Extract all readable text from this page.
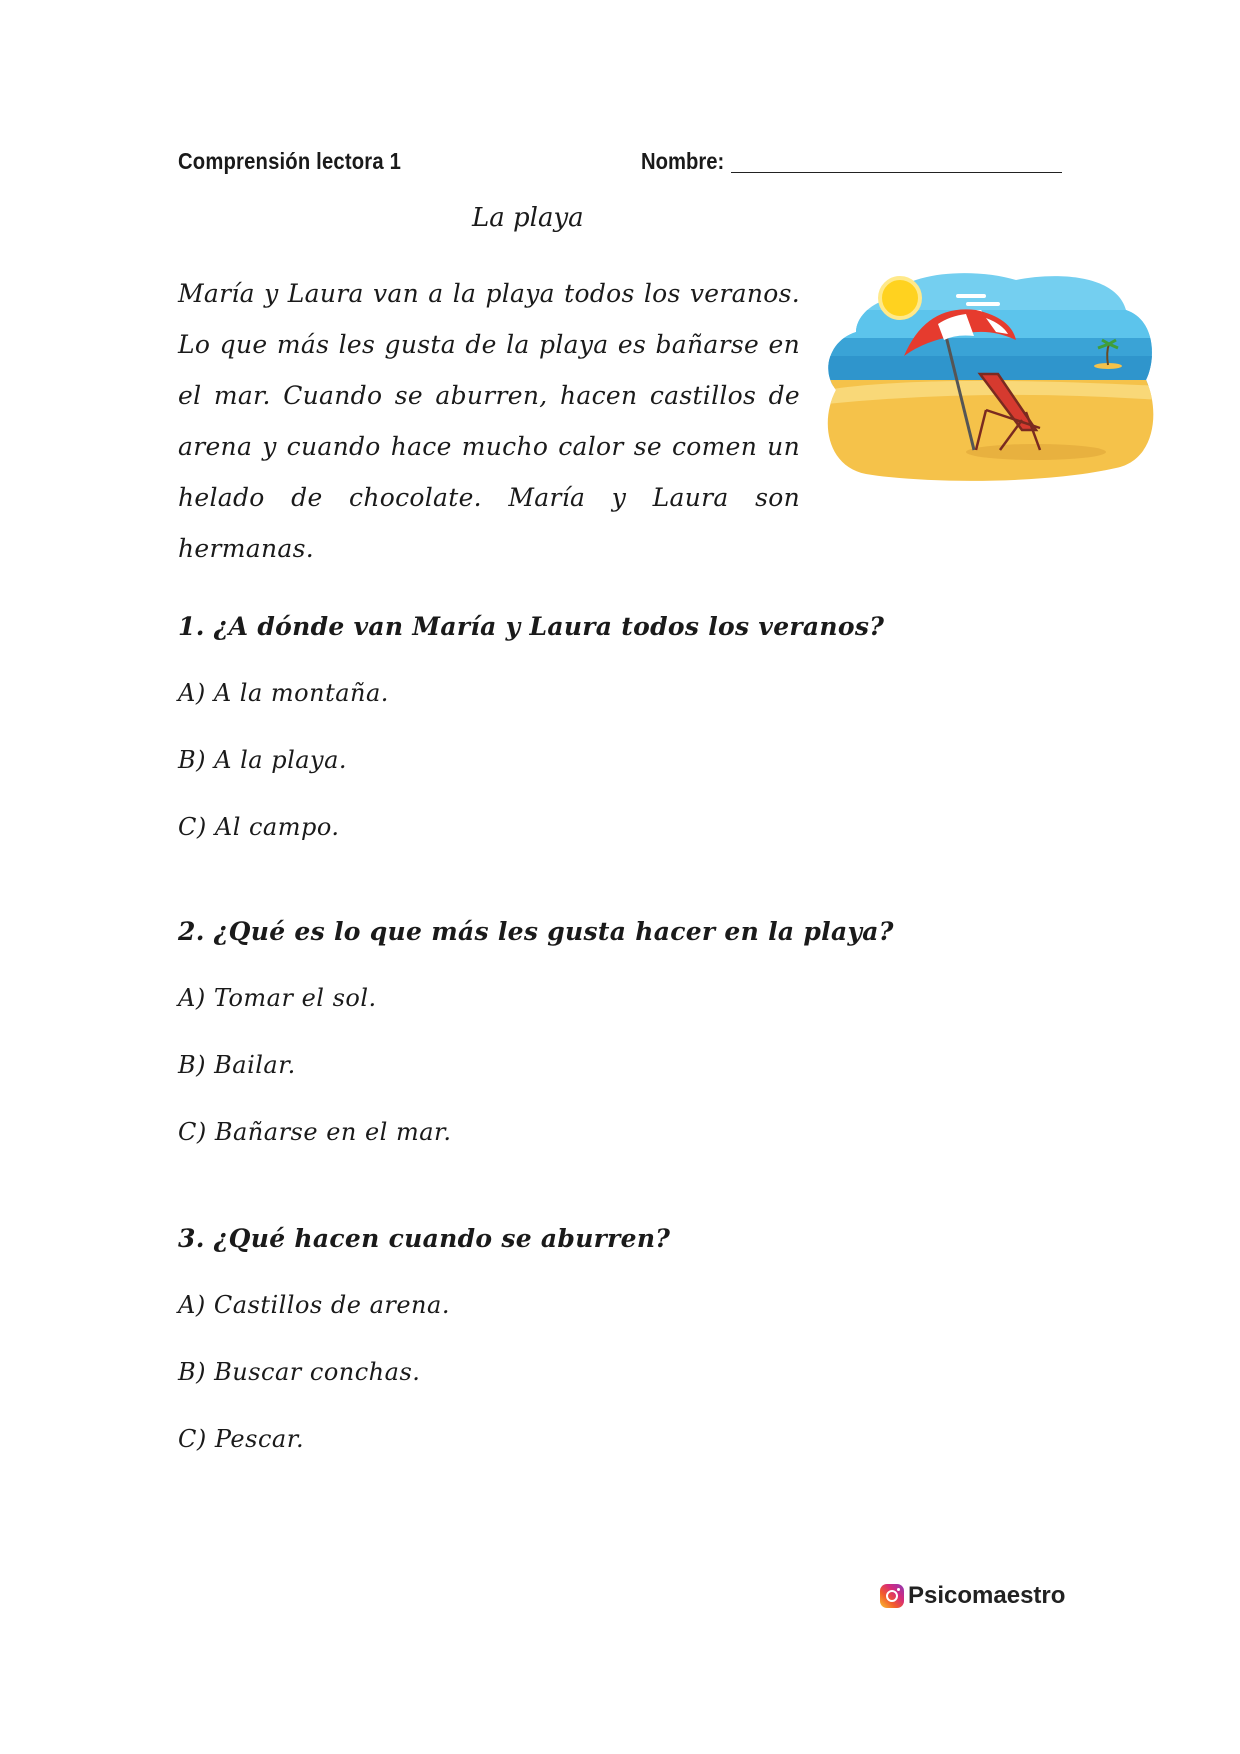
Comprensión lectora 1	Nombre:
La playa
María y Laura van a la playa todos los veranos. Lo que más les gusta de la playa es bañarse en el mar. Cuando se aburren, hacen castillos de arena y cuando hace mucho calor se comen un helado de chocolate. María y Laura son hermanas.

1. ¿A dónde van María y Laura todos los veranos?

A) A la montaña.

B) A la playa.

C) Al campo.

2. ¿Qué es lo que más les gusta hacer en la playa?

A) Tomar el sol.

B) Bailar.

C) Bañarse en el mar.

3. ¿Qué hacen cuando se aburren?

A) Castillos de arena.

B) Buscar conchas.

C) Pescar.

Psicomaestro
